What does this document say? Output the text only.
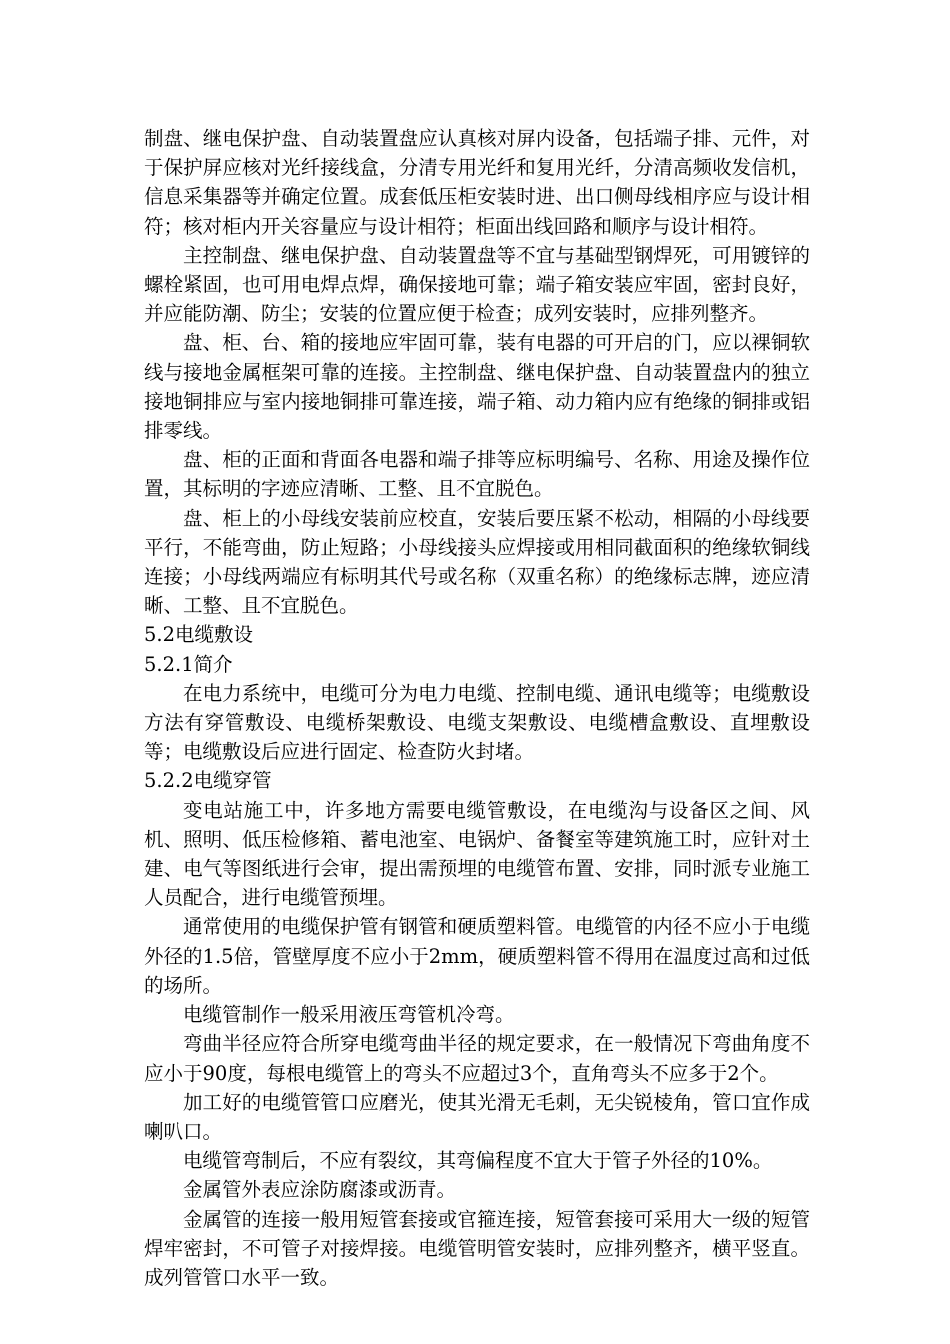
制盘、继电保护盘、自动装置盘应认真核对屏内设备，包括端子排、元件，对于保护屏应核对光纤接线盒，分清专用光纤和复用光纤，分清高频收发信机，信息采集器等并确定位置。成套低压柜安装时进、出口侧母线相序应与设计相符；核对柜内开关容量应与设计相符；柜面出线回路和顺序与设计相符。

主控制盘、继电保护盘、自动装置盘等不宜与基础型钢焊死，可用镀锌的螺栓紧固，也可用电焊点焊，确保接地可靠；端子箱安装应牢固，密封良好，并应能防潮、防尘；安装的位置应便于检查；成列安装时，应排列整齐。

盘、柜、台、箱的接地应牢固可靠，装有电器的可开启的门，应以裸铜软线与接地金属框架可靠的连接。主控制盘、继电保护盘、自动装置盘内的独立接地铜排应与室内接地铜排可靠连接，端子箱、动力箱内应有绝缘的铜排或铝排零线。

盘、柜的正面和背面各电器和端子排等应标明编号、名称、用途及操作位置，其标明的字迹应清晰、工整、且不宜脱色。

盘、柜上的小母线安装前应校直，安装后要压紧不松动，相隔的小母线要平行，不能弯曲，防止短路；小母线接头应焊接或用相同截面积的绝缘软铜线连接；小母线两端应有标明其代号或名称（双重名称）的绝缘标志牌，迹应清晰、工整、且不宜脱色。

5.2电缆敷设

5.2.1简介

在电力系统中，电缆可分为电力电缆、控制电缆、通讯电缆等；电缆敷设方法有穿管敷设、电缆桥架敷设、电缆支架敷设、电缆槽盒敷设、直埋敷设等；电缆敷设后应进行固定、检查防火封堵。

5.2.2电缆穿管

变电站施工中，许多地方需要电缆管敷设，在电缆沟与设备区之间、风机、照明、低压检修箱、蓄电池室、电锅炉、备餐室等建筑施工时，应针对土建、电气等图纸进行会审，提出需预埋的电缆管布置、安排，同时派专业施工人员配合，进行电缆管预埋。

通常使用的电缆保护管有钢管和硬质塑料管。电缆管的内径不应小于电缆外径的1.5倍，管壁厚度不应小于2mm，硬质塑料管不得用在温度过高和过低的场所。

电缆管制作一般采用液压弯管机冷弯。

弯曲半径应符合所穿电缆弯曲半径的规定要求，在一般情况下弯曲角度不应小于90度，每根电缆管上的弯头不应超过3个，直角弯头不应多于2个。

加工好的电缆管管口应磨光，使其光滑无毛刺，无尖锐棱角，管口宜作成喇叭口。

电缆管弯制后，不应有裂纹，其弯偏程度不宜大于管子外径的10%。

金属管外表应涂防腐漆或沥青。

金属管的连接一般用短管套接或官箍连接，短管套接可采用大一级的短管焊牢密封，不可管子对接焊接。电缆管明管安装时，应排列整齐，横平竖直。成列管管口水平一致。
